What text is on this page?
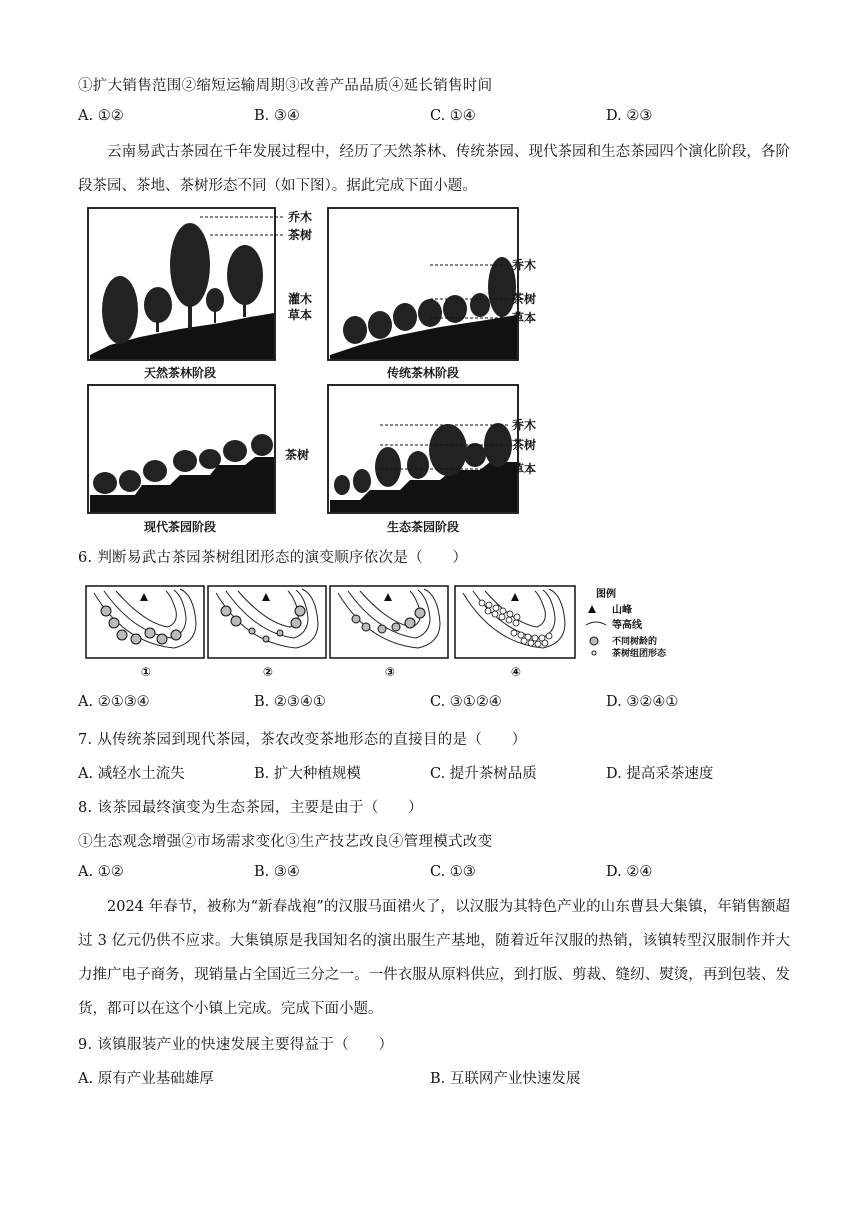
①扩大销售范围②缩短运输周期③改善产品品质④延长销售时间
A. ①②	B. ③④	C. ①④	D. ②③
云南易武古茶园在千年发展过程中，经历了天然茶林、传统茶园、现代茶园和生态茶园四个演化阶段，各阶段茶园、茶地、茶树形态不同（如下图）。据此完成下面小题。
乔木
茶树
灌木
草本
乔木
茶树
草本
茶树
乔木
茶树
草本
天然茶林阶段	传统茶林阶段
现代茶园阶段	生态茶园阶段
6. 判断易武古茶园茶树组团形态的演变顺序依次是（　　）
①	②	③	④
图例
山峰
等高线
不同树龄的
茶树组团形态
A. ②①③④	B. ②③④①	C. ③①②④	D. ③②④①
7. 从传统茶园到现代茶园，茶农改变茶地形态的直接目的是（　　）
A. 减轻水土流失	B. 扩大种植规模	C. 提升茶树品质	D. 提高采茶速度
8. 该茶园最终演变为生态茶园，主要是由于（　　）
①生态观念增强②市场需求变化③生产技艺改良④管理模式改变
A. ①②	B. ③④	C. ①③	D. ②④
2024 年春节，被称为“新春战袍”的汉服马面裙火了，以汉服为其特色产业的山东曹县大集镇，年销售额超过 3 亿元仍供不应求。大集镇原是我国知名的演出服生产基地，随着近年汉服的热销，该镇转型汉服制作并大力推广电子商务，现销量占全国近三分之一。一件衣服从原料供应，到打版、剪裁、缝纫、熨烫，再到包装、发货，都可以在这个小镇上完成。完成下面小题。
9. 该镇服装产业的快速发展主要得益于（　　）
A. 原有产业基础雄厚	B. 互联网产业快速发展
